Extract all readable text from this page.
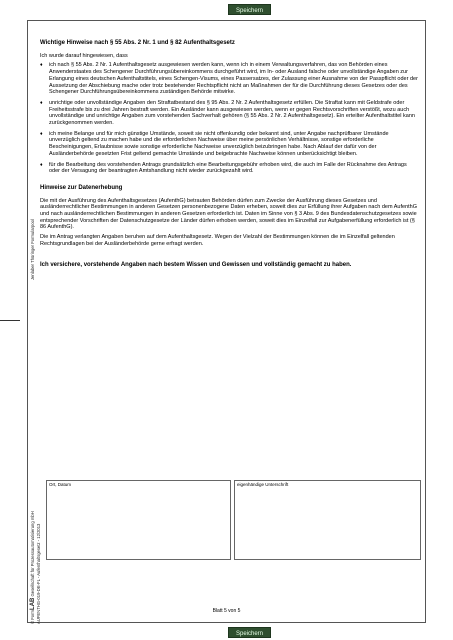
Speichern
Jenlaber Thüringer Formularpool
© FormLAB Gesellschaft für Prozessautomatisierung mbH
AUFENTHG-019-DE-FL - Aufenthaltsgesetz - 12/2013
Wichtige Hinweise nach § 55 Abs. 2 Nr. 1 und § 82 Aufenthaltsgesetz
Ich wurde darauf hingewiesen, dass
♦ ich nach § 55 Abs. 2 Nr. 1 Aufenthaltsgesetz ausgewiesen werden kann, wenn ich in einem Verwaltungsverfahren, das von Behörden eines Anwenderstaates des Schengener Durchführungsübereinkommens durchgeführt wird, im In- oder Ausland falsche oder unvollständige Angaben zur Erlangung eines deutschen Aufenthaltstitels, eines Schengen-Visums, eines Passersatzes, der Zulassung einer Ausnahme von der Passpflicht oder der Aussetzung der Abschiebung mache oder trotz bestehender Rechtspflicht nicht an Maßnahmen der für die Durchführung dieses Gesetzes oder des Schengener Durchführungsübereinkommens zuständigen Behörde mitwirke.
♦ unrichtige oder unvollständige Angaben den Straftatbestand des § 95 Abs. 2 Nr. 2 Aufenthaltsgesetz erfüllen. Die Straftat kann mit Geldstrafe oder Freiheitsstrafe bis zu drei Jahren bestraft werden. Ein Ausländer kann ausgewiesen werden, wenn er gegen Rechtsvorschriften verstößt, wozu auch unvollständige und unrichtige Angaben zum vorstehenden Sachverhalt gehören (§ 55 Abs. 2 Nr. 2 Aufenthaltsgesetz). Ein erteilter Aufenthaltstitel kann zurückgenommen werden.
♦ ich meine Belange und für mich günstige Umstände, soweit sie nicht offenkundig oder bekannt sind, unter Angabe nachprüfbarer Umstände unverzüglich geltend zu machen habe und die erforderlichen Nachweise über meine persönlichen Verhältnisse, sonstige erforderliche Bescheinigungen, Erlaubnisse sowie sonstige erforderliche Nachweise unverzüglich beizubringen habe. Nach Ablauf der dafür von der Ausländerbehörde gesetzten Frist geltend gemachte Umstände und beigebrachte Nachweise können unberücksichtigt bleiben.
♦ für die Bearbeitung des vorstehenden Antrags grundsätzlich eine Bearbeitungsgebühr erhoben wird, die auch im Falle der Rücknahme des Antrags oder der Versagung der beantragten Amtshandlung nicht wieder zurückgezahlt wird.
Hinweise zur Datenerhebung
Die mit der Ausführung des Aufenthaltsgesetzes (AufenthG) betrauten Behörden dürfen zum Zwecke der Ausführung dieses Gesetzes und ausländerrechtlicher Bestimmungen in anderen Gesetzen personenbezogene Daten erheben, soweit dies zur Erfüllung ihrer Aufgaben nach dem AufenthG und nach ausländerrechtlichen Bestimmungen in anderen Gesetzen erforderlich ist. Daten im Sinne von § 3 Abs. 9 des Bundesdatenschutzgesetzes sowie entsprechender Vorschriften der Datenschutzgesetze der Länder dürfen erhoben werden, soweit dies im Einzelfall zur Aufgabenerfüllung erforderlich ist (§ 86 AufenthG).
Die im Antrag verlangten Angaben beruhen auf dem Aufenthaltsgesetz. Wegen der Vielzahl der Bestimmungen können die im Einzelfall geltenden Rechtsgrundlagen bei der Ausländerbehörde gerne erfragt werden.
Ich versichere, vorstehende Angaben nach bestem Wissen und Gewissen und vollständig gemacht zu haben.
Ort, Datum	eigenhändige Unterschrift
Blatt 5 von 5
Speichern
